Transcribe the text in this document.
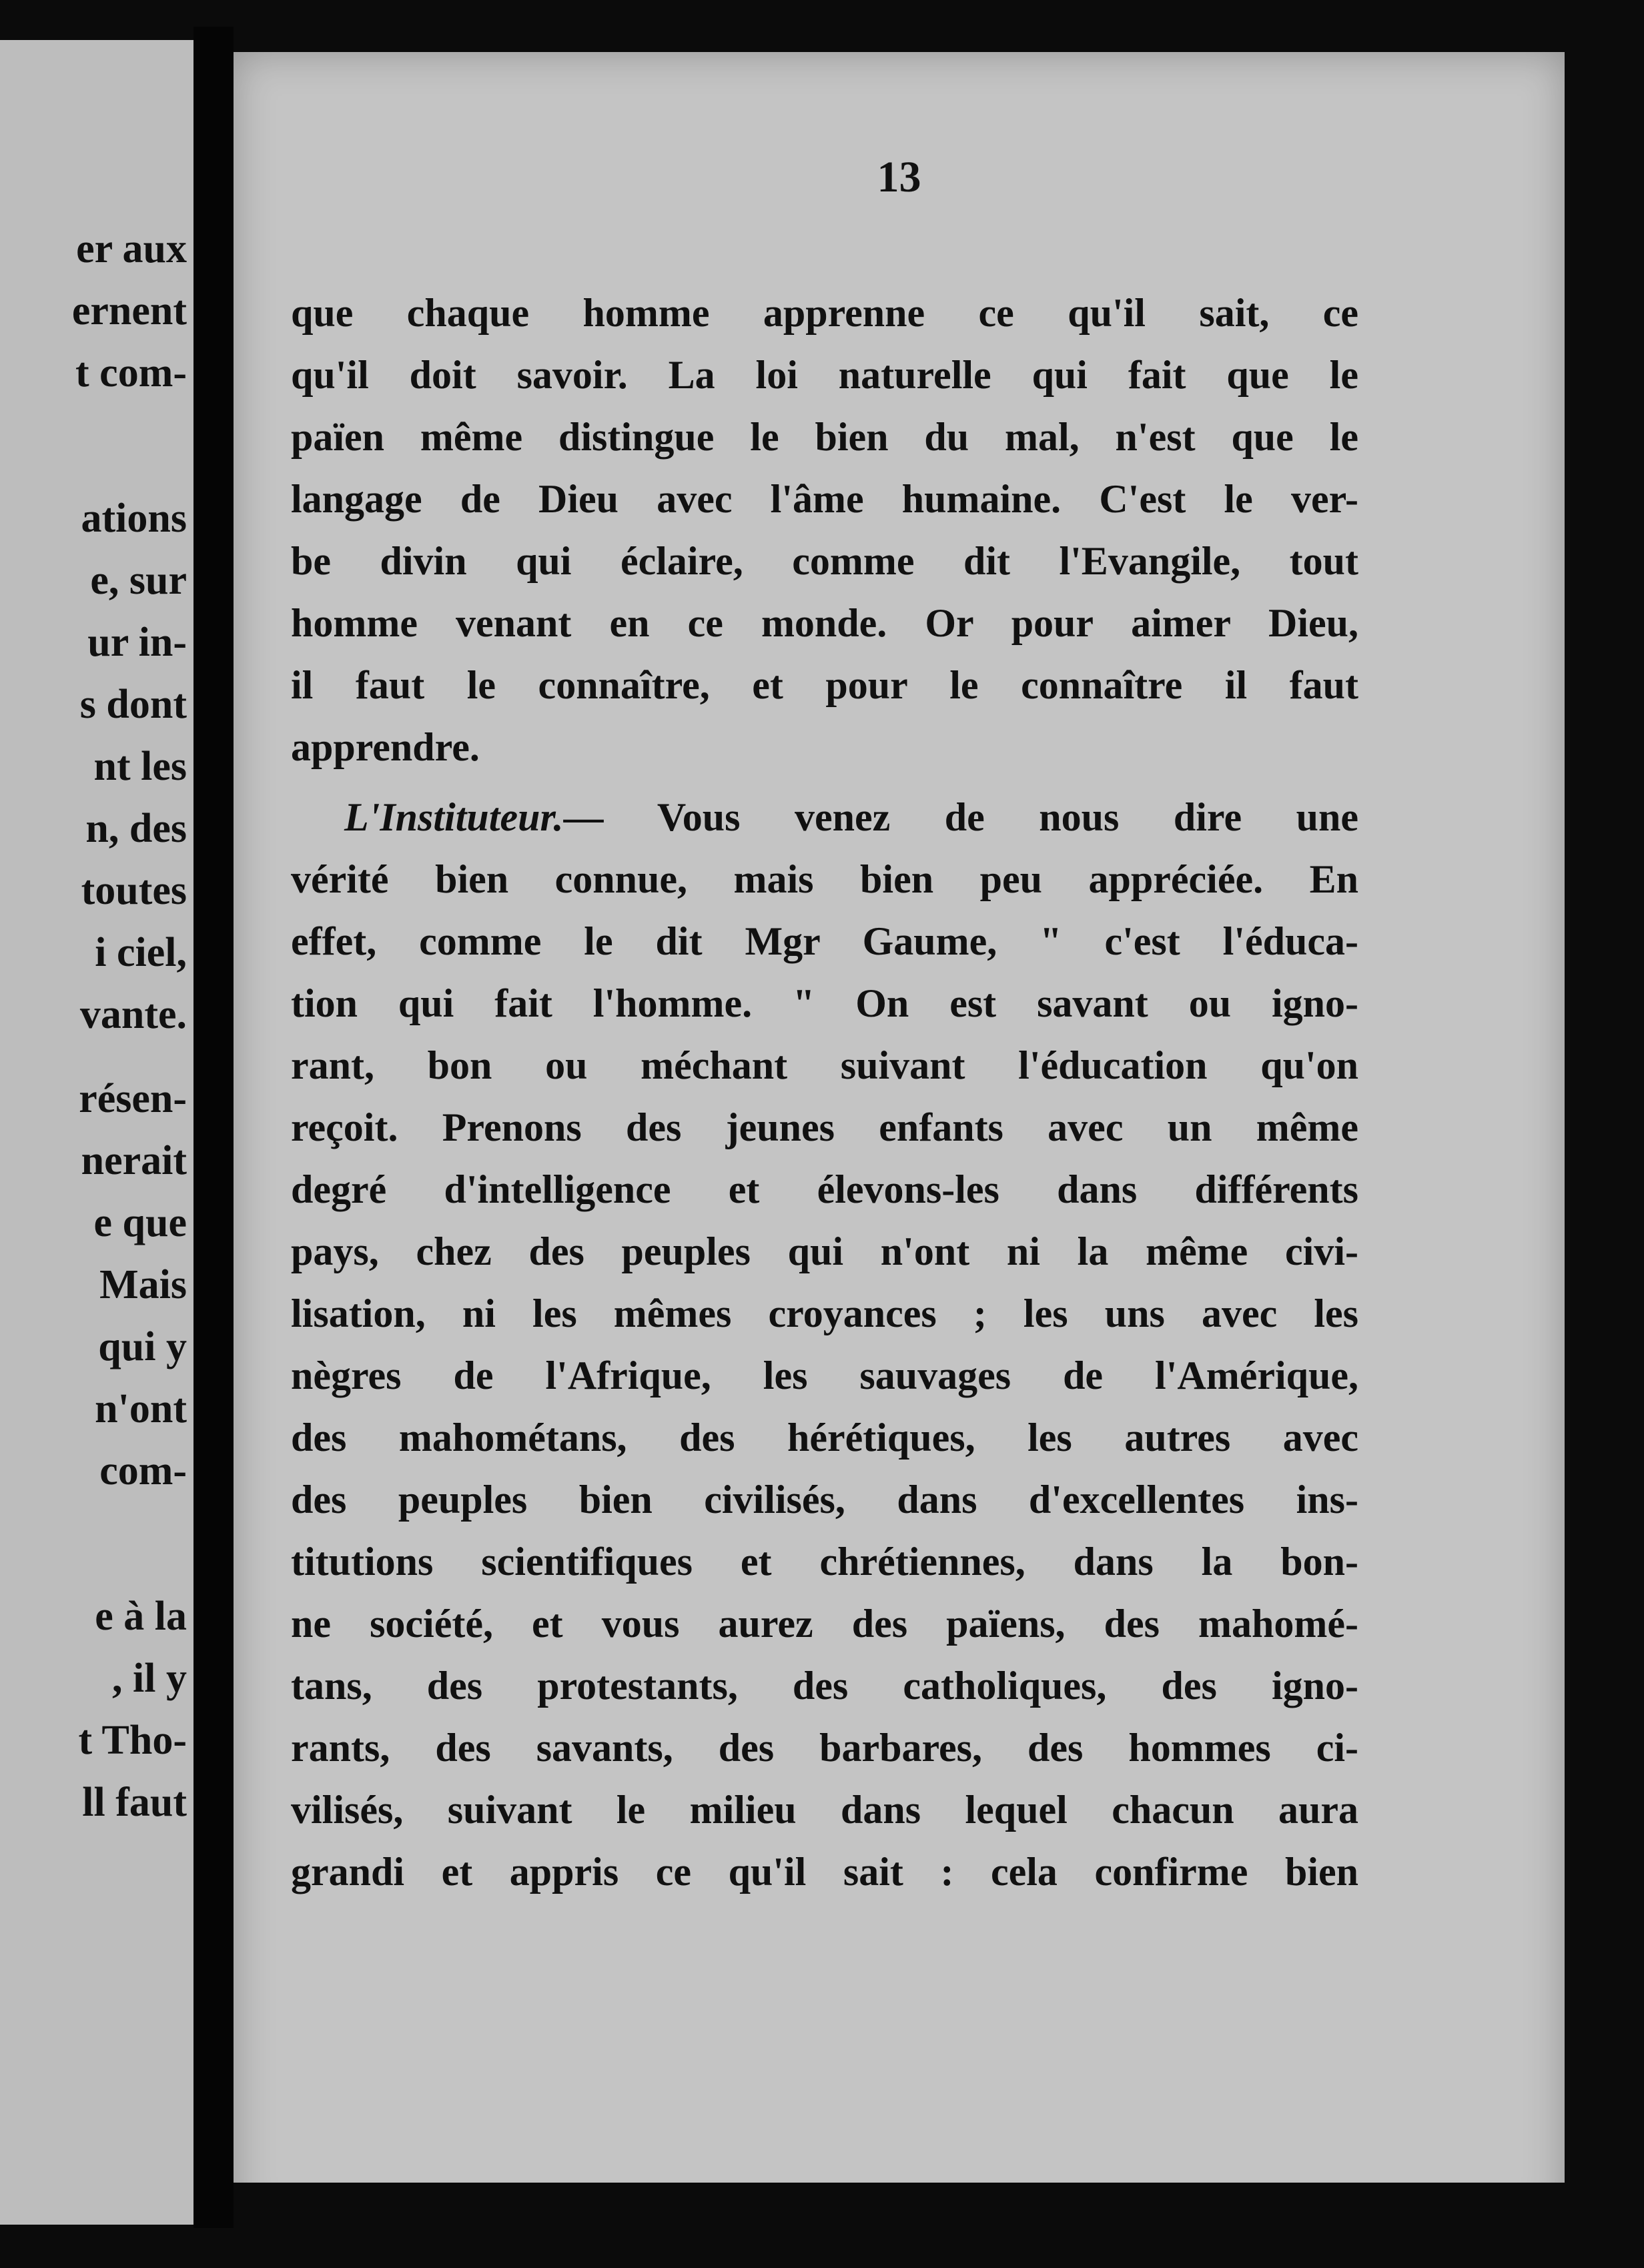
er aux
ernent
t com-
ations
e, sur
ur in-
s dont
nt les
n, des
toutes
i ciel,
vante.
résen-
nerait
e que
Mais
qui y
n'ont
com-
e à la
, il y
t Tho-
ll faut
13
que chaque homme apprenne ce qu'il sait, ce
qu'il doit savoir. La loi naturelle qui fait que le
païen même distingue le bien du mal, n'est que le
langage de Dieu avec l'âme humaine. C'est le ver-
be divin qui éclaire, comme dit l'Evangile, tout
homme venant en ce monde. Or pour aimer Dieu,
il faut le connaître, et pour le connaître il faut
apprendre.
L'Instituteur.— Vous venez de nous dire une
vérité bien connue, mais bien peu appréciée. En
effet, comme le dit Mgr Gaume, " c'est l'éduca-
tion qui fait l'homme. " On est savant ou igno-
rant, bon ou méchant suivant l'éducation qu'on
reçoit. Prenons des jeunes enfants avec un même
degré d'intelligence et élevons-les dans différents
pays, chez des peuples qui n'ont ni la même civi-
lisation, ni les mêmes croyances ; les uns avec les
nègres de l'Afrique, les sauvages de l'Amérique,
des mahométans, des hérétiques, les autres avec
des peuples bien civilisés, dans d'excellentes ins-
titutions scientifiques et chrétiennes, dans la bon-
ne société, et vous aurez des païens, des mahomé-
tans, des protestants, des catholiques, des igno-
rants, des savants, des barbares, des hommes ci-
vilisés, suivant le milieu dans lequel chacun aura
grandi et appris ce qu'il sait : cela confirme bien
